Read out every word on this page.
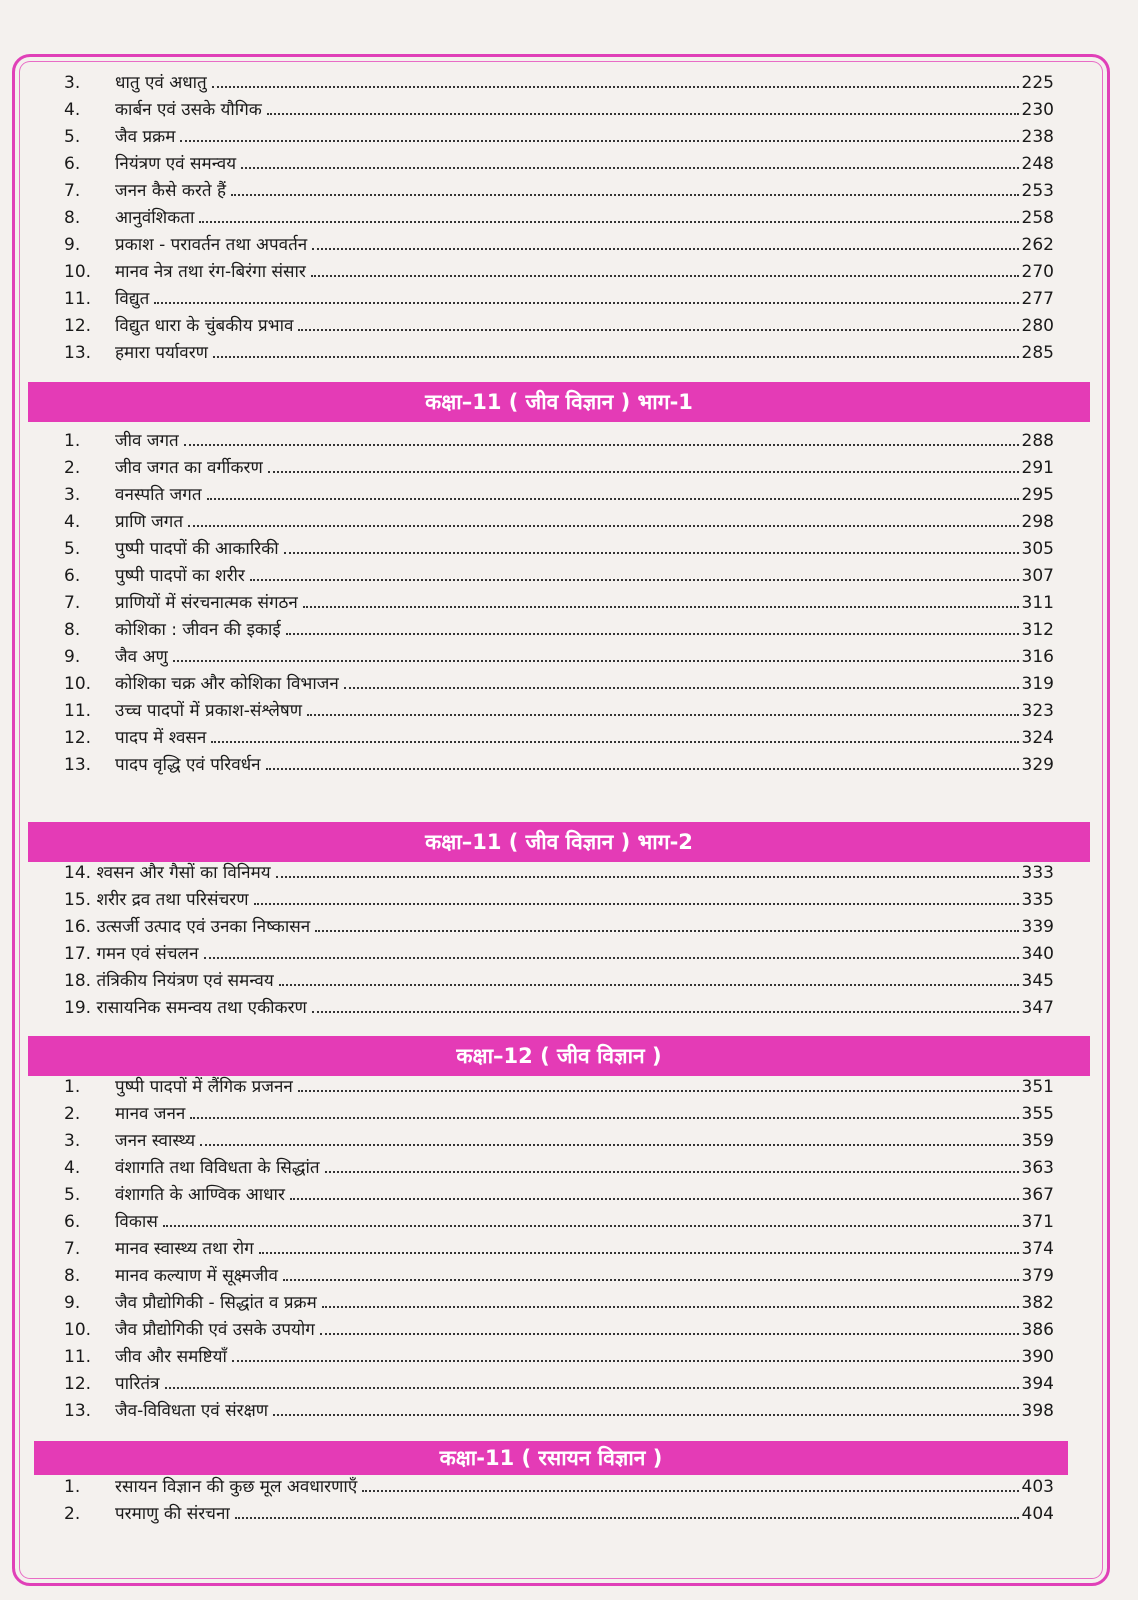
3.	धातु एवं अधातु	225
4.	कार्बन एवं उसके यौगिक	230
5.	जैव प्रक्रम	238
6.	नियंत्रण एवं समन्वय	248
7.	जनन कैसे करते हैं	253
8.	आनुवंशिकता	258
9.	प्रकाश - परावर्तन तथा अपवर्तन	262
10.	मानव नेत्र तथा रंग-बिरंगा संसार	270
11.	विद्युत	277
12.	विद्युत धारा के चुंबकीय प्रभाव	280
13.	हमारा पर्यावरण	285
कक्षा–11 ( जीव विज्ञान ) भाग-1
1.	जीव जगत	288
2.	जीव जगत का वर्गीकरण	291
3.	वनस्पति जगत	295
4.	प्राणि जगत	298
5.	पुष्पी पादपों की आकारिकी	305
6.	पुष्पी पादपों का शरीर	307
7.	प्राणियों में संरचनात्मक संगठन	311
8.	कोशिका : जीवन की इकाई	312
9.	जैव अणु	316
10.	कोशिका चक्र और कोशिका विभाजन	319
11.	उच्च पादपों में प्रकाश-संश्लेषण	323
12.	पादप में श्वसन	324
13.	पादप वृद्धि एवं परिवर्धन	329
कक्षा–11 ( जीव विज्ञान ) भाग-2
14. श्वसन और गैसों का विनिमय	333
15. शरीर द्रव तथा परिसंचरण	335
16. उत्सर्जी उत्पाद एवं उनका निष्कासन	339
17. गमन एवं संचलन	340
18. तंत्रिकीय नियंत्रण एवं समन्वय	345
19. रासायनिक समन्वय तथा एकीकरण	347
कक्षा–12 ( जीव विज्ञान )
1.	पुष्पी पादपों में लैंगिक प्रजनन	351
2.	मानव जनन	355
3.	जनन स्वास्थ्य	359
4.	वंशागति तथा विविधता के सिद्धांत	363
5.	वंशागति के आण्विक आधार	367
6.	विकास	371
7.	मानव स्वास्थ्य तथा रोग	374
8.	मानव कल्याण में सूक्ष्मजीव	379
9.	जैव प्रौद्योगिकी - सिद्धांत व प्रक्रम	382
10.	जैव प्रौद्योगिकी एवं उसके उपयोग	386
11.	जीव और समष्टियाँ	390
12.	पारितंत्र	394
13.	जैव-विविधता एवं संरक्षण	398
कक्षा-11 ( रसायन विज्ञान )
1.	रसायन विज्ञान की कुछ मूल अवधारणाएँ	403
2.	परमाणु की संरचना	404
